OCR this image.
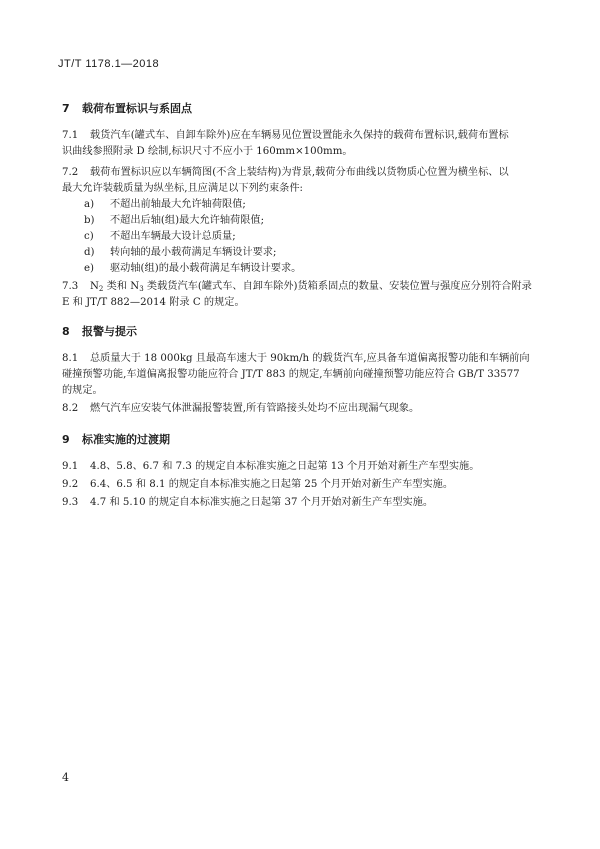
JT/T 1178.1—2018
7 载荷布置标识与系固点
7.1 载货汽车(罐式车、自卸车除外)应在车辆易见位置设置能永久保持的载荷布置标识,载荷布置标
识曲线参照附录 D 绘制,标识尺寸不应小于 160mm×100mm。
7.2 载荷布置标识应以车辆简图(不含上装结构)为背景,载荷分布曲线以货物质心位置为横坐标、以
最大允许装载质量为纵坐标,且应满足以下列约束条件:
a) 不超出前轴最大允许轴荷限值;
b) 不超出后轴(组)最大允许轴荷限值;
c) 不超出车辆最大设计总质量;
d) 转向轴的最小载荷满足车辆设计要求;
e) 驱动轴(组)的最小载荷满足车辆设计要求。
7.3 $N_2$ 类和 $N_3$ 类载货汽车(罐式车、自卸车除外)货箱系固点的数量、安装位置与强度应分别符合附录
E 和 JT/T 882—2014 附录 C 的规定。
8 报警与提示
8.1 总质量大于 18 000kg 且最高车速大于 90km/h 的载货汽车,应具备车道偏离报警功能和车辆前向
碰撞预警功能,车道偏离报警功能应符合 JT/T 883 的规定,车辆前向碰撞预警功能应符合 GB/T 33577
的规定。
8.2 燃气汽车应安装气体泄漏报警装置,所有管路接头处均不应出现漏气现象。
9 标准实施的过渡期
9.1 4.8、5.8、6.7 和 7.3 的规定自本标准实施之日起第 13 个月开始对新生产车型实施。
9.2 6.4、6.5 和 8.1 的规定自本标准实施之日起第 25 个月开始对新生产车型实施。
9.3 4.7 和 5.10 的规定自本标准实施之日起第 37 个月开始对新生产车型实施。
4
